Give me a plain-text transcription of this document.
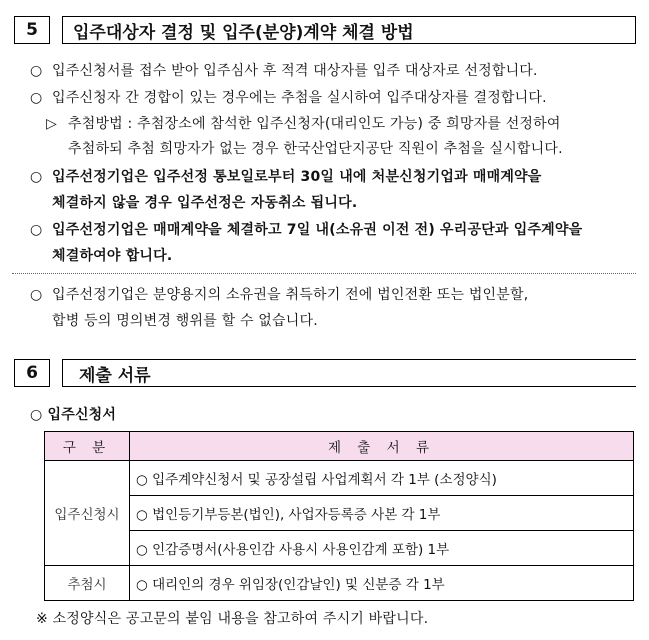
5	입주대상자 결정 및 입주(분양)계약 체결 방법
○ 입주신청서를 접수 받아 입주심사 후 적격 대상자를 입주 대상자로 선정합니다.
○ 입주신청자 간 경합이 있는 경우에는 추첨을 실시하여 입주대상자를 결정합니다.
▷ 추첨방법 : 추첨장소에 참석한 입주신청자(대리인도 가능) 중 희망자를 선정하여
추첨하되 추첨 희망자가 없는 경우 한국산업단지공단 직원이 추첨을 실시합니다.
○ 입주선정기업은 입주선정 통보일로부터 30일 내에 처분신청기업과 매매계약을
체결하지 않을 경우 입주선정은 자동취소 됩니다.
○ 입주선정기업은 매매계약을 체결하고 7일 내(소유권 이전 전) 우리공단과 입주계약을
체결하여야 합니다.
○ 입주선정기업은 분양용지의 소유권을 취득하기 전에 법인전환 또는 법인분할,
합병 등의 명의변경 행위를 할 수 없습니다.
6	제출 서류
○ 입주신청서
구 분	제 출 서 류
입주신청시	○ 입주계약신청서 및 공장설립 사업계획서 각 1부 (소정양식)
	○ 법인등기부등본(법인), 사업자등록증 사본 각 1부
	○ 인감증명서(사용인감 사용시 사용인감계 포함) 1부
추첨시	○ 대리인의 경우 위임장(인감날인) 및 신분증 각 1부
※ 소정양식은 공고문의 붙임 내용을 참고하여 주시기 바랍니다.
